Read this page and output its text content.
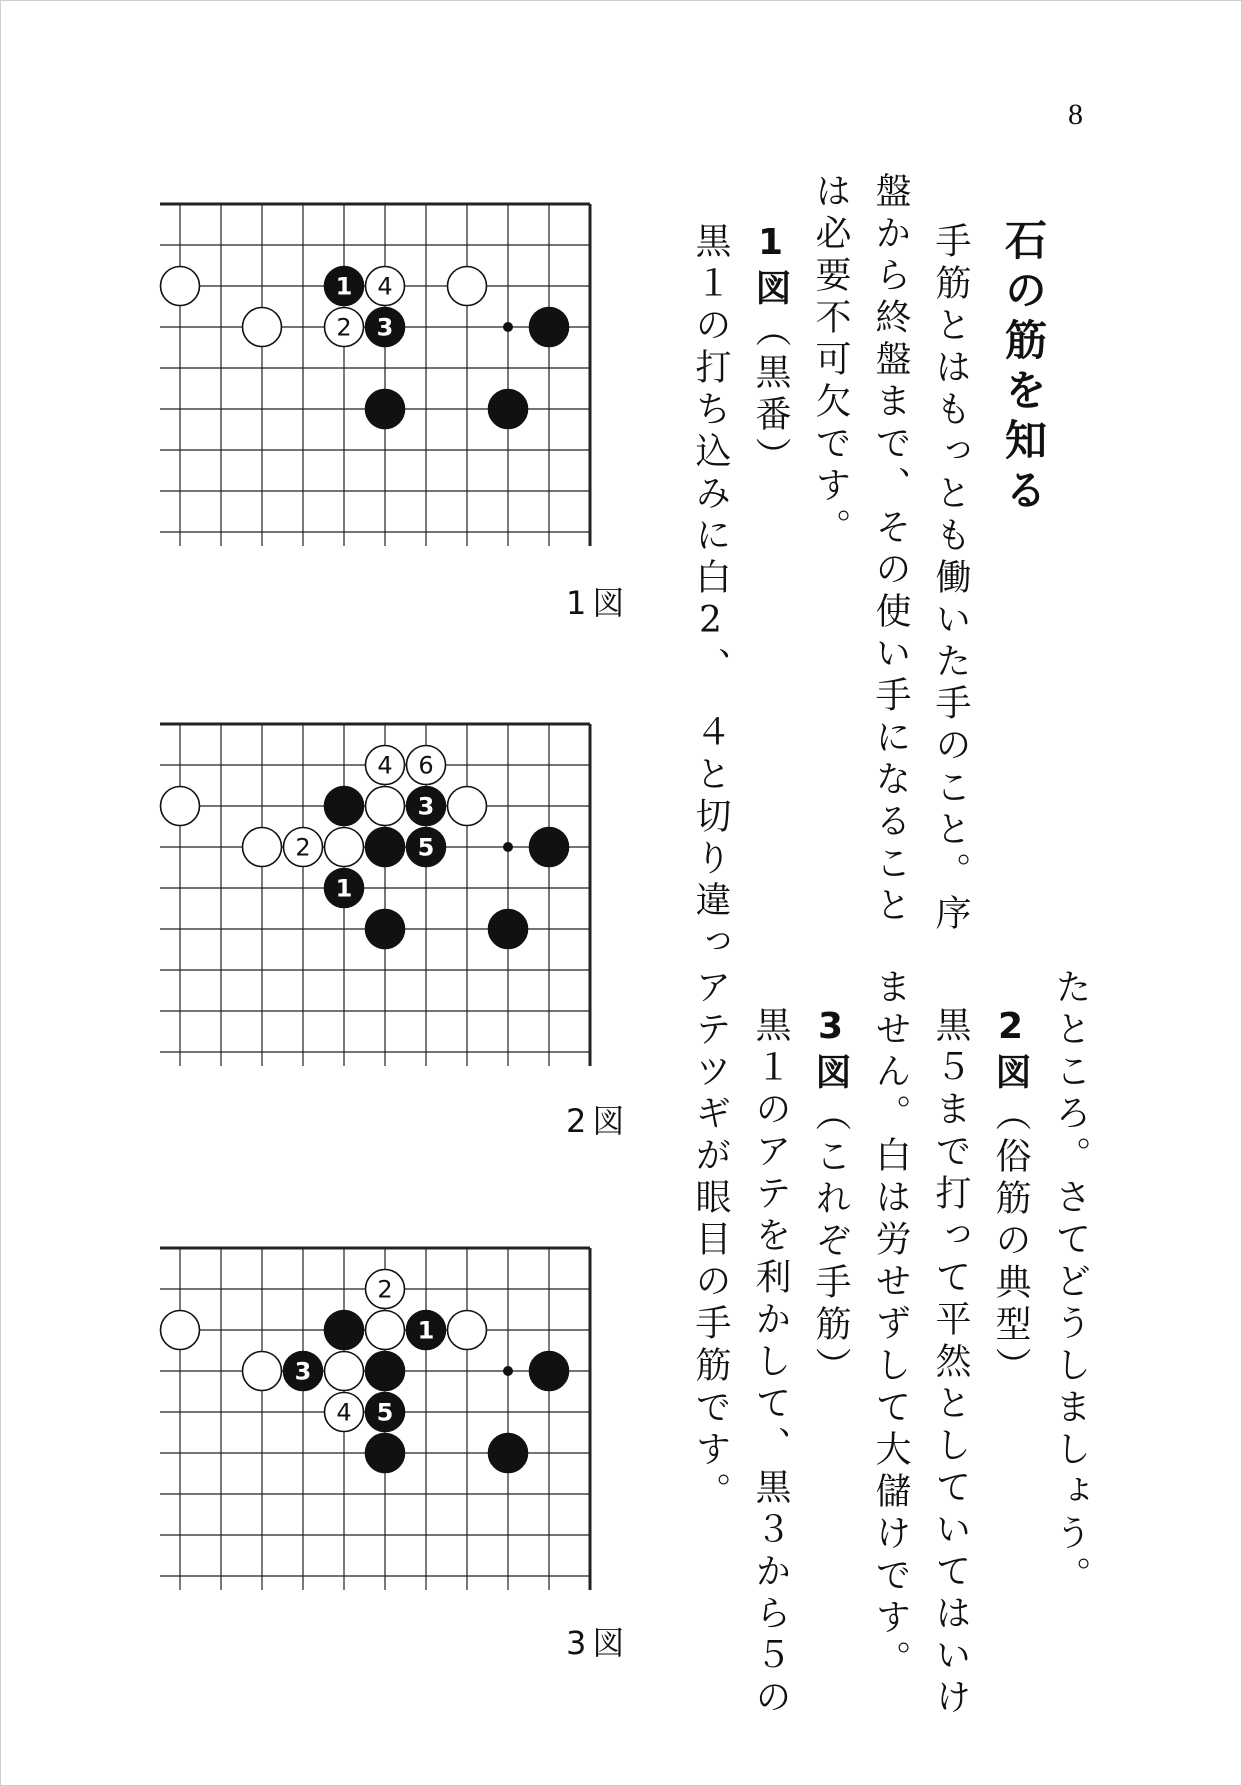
8
石の筋を知る
手筋とはもっとも働いた手のこと。序
盤から終盤まで、その使い手になること
は必要不可欠です。
1図（黒番）
黒１の打ち込みに白2、　４と切り違っ
たところ。さてどうしましょう。
2図（俗筋の典型）
黒５まで打って平然としていてはいけ
ません。白は労せずして大儲けです。
3図（これぞ手筋）
黒１のアテを利かして、黒３から５の
アテツギが眼目の手筋です。
1 4
2 3
1図
4 6
3
2	5
1
2図
2
1
3
4 5
3図
